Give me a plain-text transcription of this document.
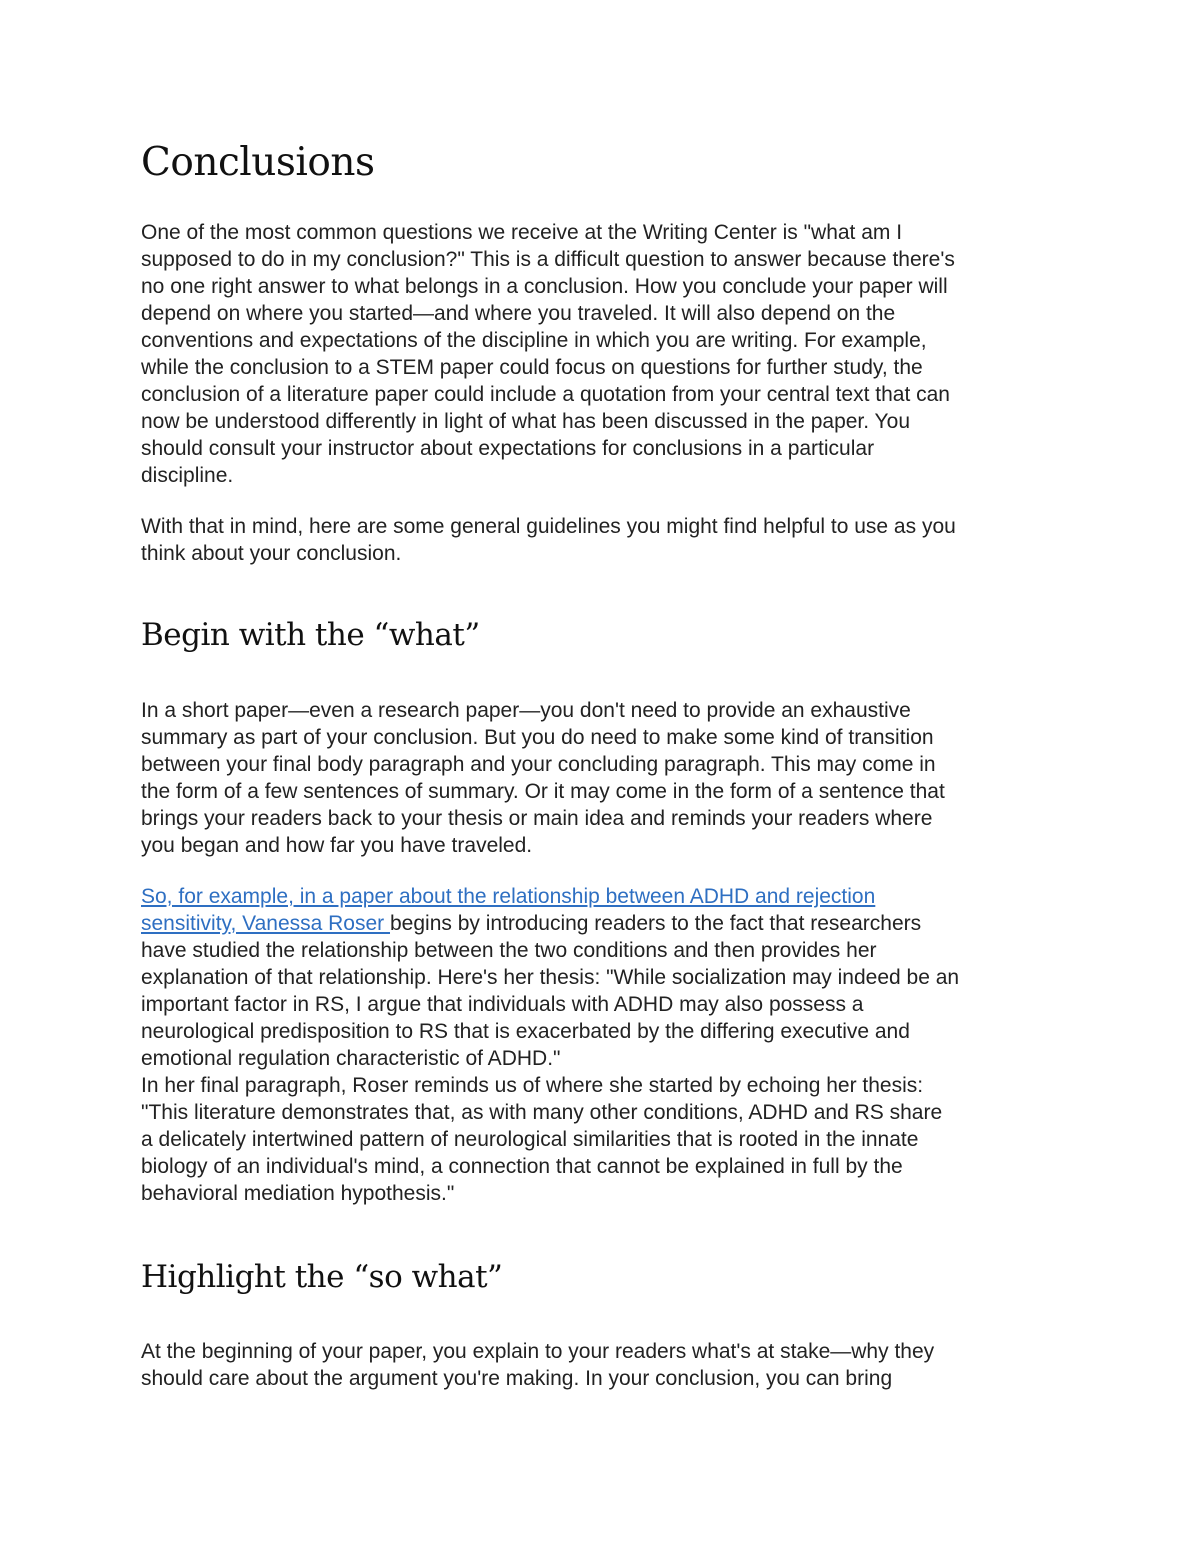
Conclusions
One of the most common questions we receive at the Writing Center is "what am I
supposed to do in my conclusion?" This is a difficult question to answer because there's
no one right answer to what belongs in a conclusion. How you conclude your paper will
depend on where you started—and where you traveled. It will also depend on the
conventions and expectations of the discipline in which you are writing. For example,
while the conclusion to a STEM paper could focus on questions for further study, the
conclusion of a literature paper could include a quotation from your central text that can
now be understood differently in light of what has been discussed in the paper. You
should consult your instructor about expectations for conclusions in a particular
discipline.
With that in mind, here are some general guidelines you might find helpful to use as you
think about your conclusion.
Begin with the “what”
In a short paper—even a research paper—you don't need to provide an exhaustive
summary as part of your conclusion. But you do need to make some kind of transition
between your final body paragraph and your concluding paragraph. This may come in
the form of a few sentences of summary. Or it may come in the form of a sentence that
brings your readers back to your thesis or main idea and reminds your readers where
you began and how far you have traveled.
So, for example, in a paper about the relationship between ADHD and rejection
sensitivity, Vanessa Roser begins by introducing readers to the fact that researchers
have studied the relationship between the two conditions and then provides her
explanation of that relationship. Here's her thesis: "While socialization may indeed be an
important factor in RS, I argue that individuals with ADHD may also possess a
neurological predisposition to RS that is exacerbated by the differing executive and
emotional regulation characteristic of ADHD."
In her final paragraph, Roser reminds us of where she started by echoing her thesis:
"This literature demonstrates that, as with many other conditions, ADHD and RS share
a delicately intertwined pattern of neurological similarities that is rooted in the innate
biology of an individual's mind, a connection that cannot be explained in full by the
behavioral mediation hypothesis."
Highlight the “so what”
At the beginning of your paper, you explain to your readers what's at stake—why they
should care about the argument you're making. In your conclusion, you can bring
